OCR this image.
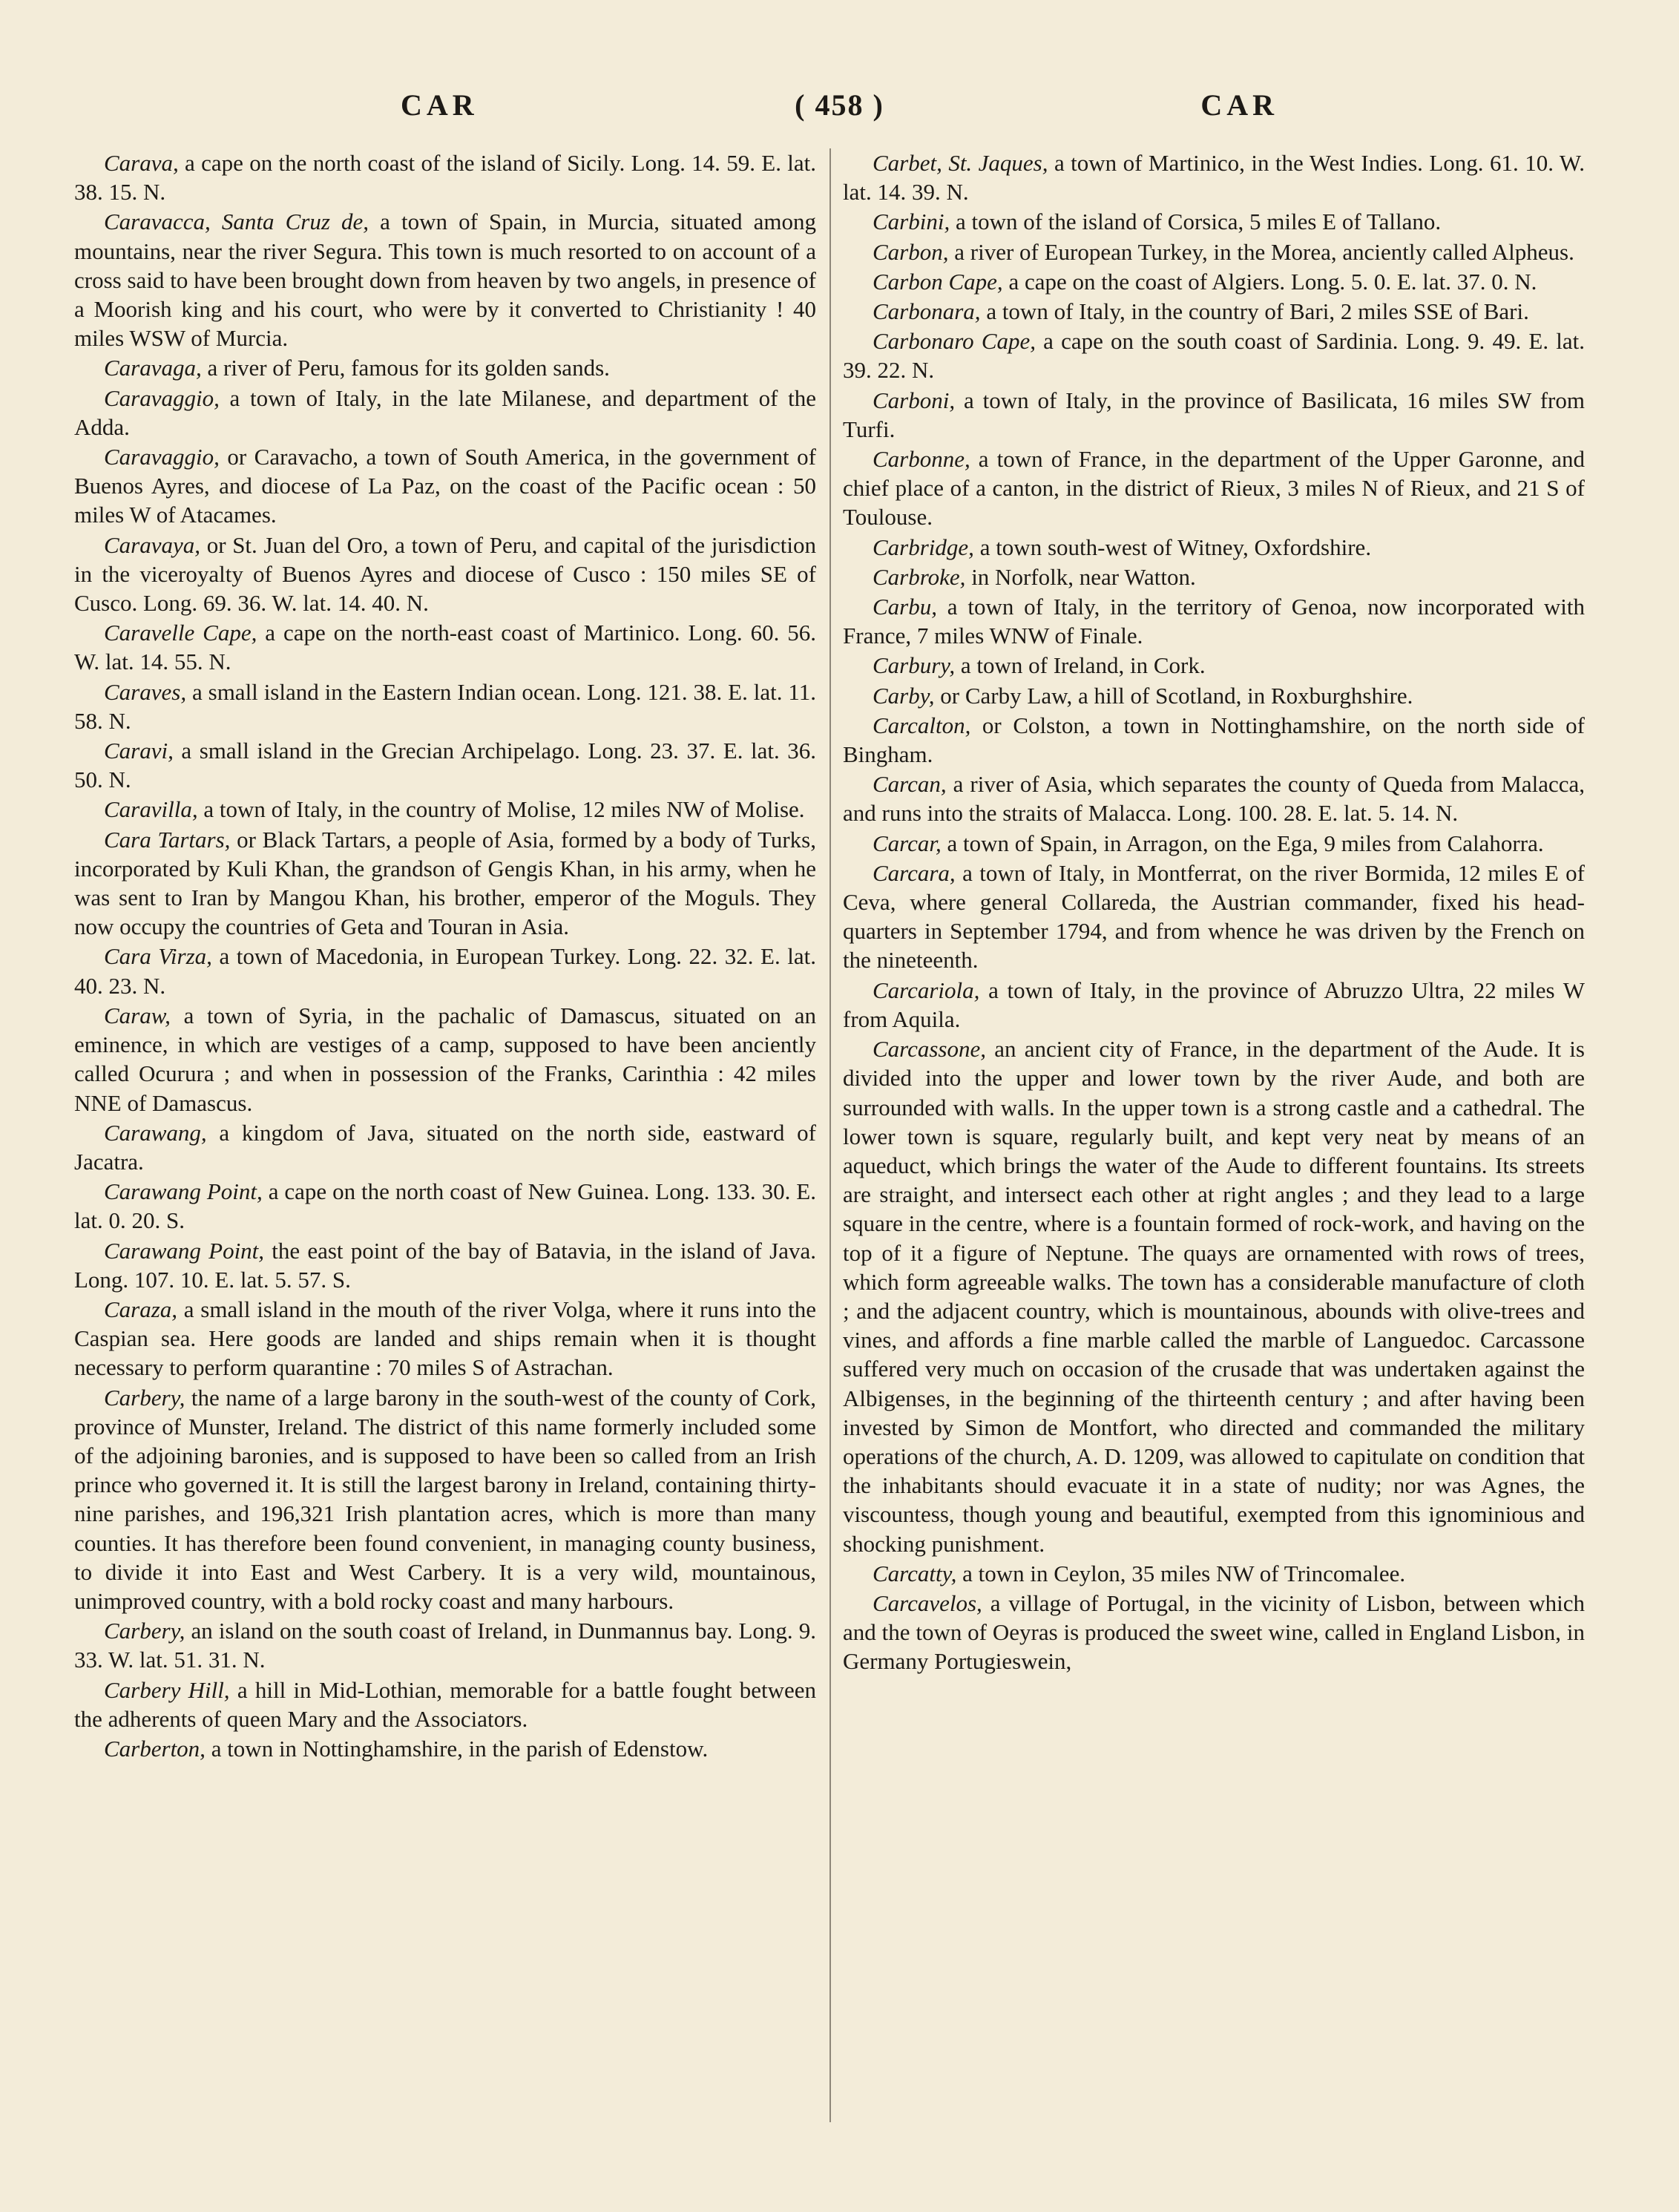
CAR	( 458 )	CAR

Carava, a cape on the north coast of the island of Sicily. Long. 14. 59. E. lat. 38. 15. N.

Caravacca, Santa Cruz de, a town of Spain, in Murcia, situated among mountains, near the river Segura. This town is much resorted to on account of a cross said to have been brought down from heaven by two angels, in presence of a Moorish king and his court, who were by it converted to Christianity ! 40 miles WSW of Murcia.

Caravaga, a river of Peru, famous for its golden sands.

Caravaggio, a town of Italy, in the late Milanese, and department of the Adda.

Caravaggio, or Caravacho, a town of South America, in the government of Buenos Ayres, and diocese of La Paz, on the coast of the Pacific ocean : 50 miles W of Atacames.

Caravaya, or St. Juan del Oro, a town of Peru, and capital of the jurisdiction in the viceroyalty of Buenos Ayres and diocese of Cusco : 150 miles SE of Cusco. Long. 69. 36. W. lat. 14. 40. N.

Caravelle Cape, a cape on the north-east coast of Martinico. Long. 60. 56. W. lat. 14. 55. N.

Caraves, a small island in the Eastern Indian ocean. Long. 121. 38. E. lat. 11. 58. N.

Caravi, a small island in the Grecian Archipelago. Long. 23. 37. E. lat. 36. 50. N.

Caravilla, a town of Italy, in the country of Molise, 12 miles NW of Molise.

Cara Tartars, or Black Tartars, a people of Asia, formed by a body of Turks, incorporated by Kuli Khan, the grandson of Gengis Khan, in his army, when he was sent to Iran by Mangou Khan, his brother, emperor of the Moguls. They now occupy the countries of Geta and Touran in Asia.

Cara Virza, a town of Macedonia, in European Turkey. Long. 22. 32. E. lat. 40. 23. N.

Caraw, a town of Syria, in the pachalic of Damascus, situated on an eminence, in which are vestiges of a camp, supposed to have been anciently called Ocurura ; and when in possession of the Franks, Carinthia : 42 miles NNE of Damascus.

Carawang, a kingdom of Java, situated on the north side, eastward of Jacatra.

Carawang Point, a cape on the north coast of New Guinea. Long. 133. 30. E. lat. 0. 20. S.

Carawang Point, the east point of the bay of Batavia, in the island of Java. Long. 107. 10. E. lat. 5. 57. S.

Caraza, a small island in the mouth of the river Volga, where it runs into the Caspian sea. Here goods are landed and ships remain when it is thought necessary to perform quarantine : 70 miles S of Astrachan.

Carbery, the name of a large barony in the south-west of the county of Cork, province of Munster, Ireland. The district of this name formerly included some of the adjoining baronies, and is supposed to have been so called from an Irish prince who governed it. It is still the largest barony in Ireland, containing thirty-nine parishes, and 196,321 Irish plantation acres, which is more than many counties. It has therefore been found convenient, in managing county business, to divide it into East and West Carbery. It is a very wild, mountainous, unimproved country, with a bold rocky coast and many harbours.

Carbery, an island on the south coast of Ireland, in Dunmannus bay. Long. 9. 33. W. lat. 51. 31. N.

Carbery Hill, a hill in Mid-Lothian, memorable for a battle fought between the adherents of queen Mary and the Associators.

Carberton, a town in Nottinghamshire, in the parish of Edenstow.

Carbet, St. Jaques, a town of Martinico, in the West Indies. Long. 61. 10. W. lat. 14. 39. N.

Carbini, a town of the island of Corsica, 5 miles E of Tallano.

Carbon, a river of European Turkey, in the Morea, anciently called Alpheus.

Carbon Cape, a cape on the coast of Algiers. Long. 5. 0. E. lat. 37. 0. N.

Carbonara, a town of Italy, in the country of Bari, 2 miles SSE of Bari.

Carbonaro Cape, a cape on the south coast of Sardinia. Long. 9. 49. E. lat. 39. 22. N.

Carboni, a town of Italy, in the province of Basilicata, 16 miles SW from Turfi.

Carbonne, a town of France, in the department of the Upper Garonne, and chief place of a canton, in the district of Rieux, 3 miles N of Rieux, and 21 S of Toulouse.

Carbridge, a town south-west of Witney, Oxfordshire.

Carbroke, in Norfolk, near Watton.

Carbu, a town of Italy, in the territory of Genoa, now incorporated with France, 7 miles WNW of Finale.

Carbury, a town of Ireland, in Cork.

Carby, or Carby Law, a hill of Scotland, in Roxburghshire.

Carcalton, or Colston, a town in Nottinghamshire, on the north side of Bingham.

Carcan, a river of Asia, which separates the county of Queda from Malacca, and runs into the straits of Malacca. Long. 100. 28. E. lat. 5. 14. N.

Carcar, a town of Spain, in Arragon, on the Ega, 9 miles from Calahorra.

Carcara, a town of Italy, in Montferrat, on the river Bormida, 12 miles E of Ceva, where general Collareda, the Austrian commander, fixed his head-quarters in September 1794, and from whence he was driven by the French on the nineteenth.

Carcariola, a town of Italy, in the province of Abruzzo Ultra, 22 miles W from Aquila.

Carcassone, an ancient city of France, in the department of the Aude. It is divided into the upper and lower town by the river Aude, and both are surrounded with walls. In the upper town is a strong castle and a cathedral. The lower town is square, regularly built, and kept very neat by means of an aqueduct, which brings the water of the Aude to different fountains. Its streets are straight, and intersect each other at right angles ; and they lead to a large square in the centre, where is a fountain formed of rock-work, and having on the top of it a figure of Neptune. The quays are ornamented with rows of trees, which form agreeable walks. The town has a considerable manufacture of cloth ; and the adjacent country, which is mountainous, abounds with olive-trees and vines, and affords a fine marble called the marble of Languedoc. Carcassone suffered very much on occasion of the crusade that was undertaken against the Albigenses, in the beginning of the thirteenth century ; and after having been invested by Simon de Montfort, who directed and commanded the military operations of the church, A. D. 1209, was allowed to capitulate on condition that the inhabitants should evacuate it in a state of nudity; nor was Agnes, the viscountess, though young and beautiful, exempted from this ignominious and shocking punishment.

Carcatty, a town in Ceylon, 35 miles NW of Trincomalee.

Carcavelos, a village of Portugal, in the vicinity of Lisbon, between which and the town of Oeyras is produced the sweet wine, called in England Lisbon, in Germany Portugieswein,
